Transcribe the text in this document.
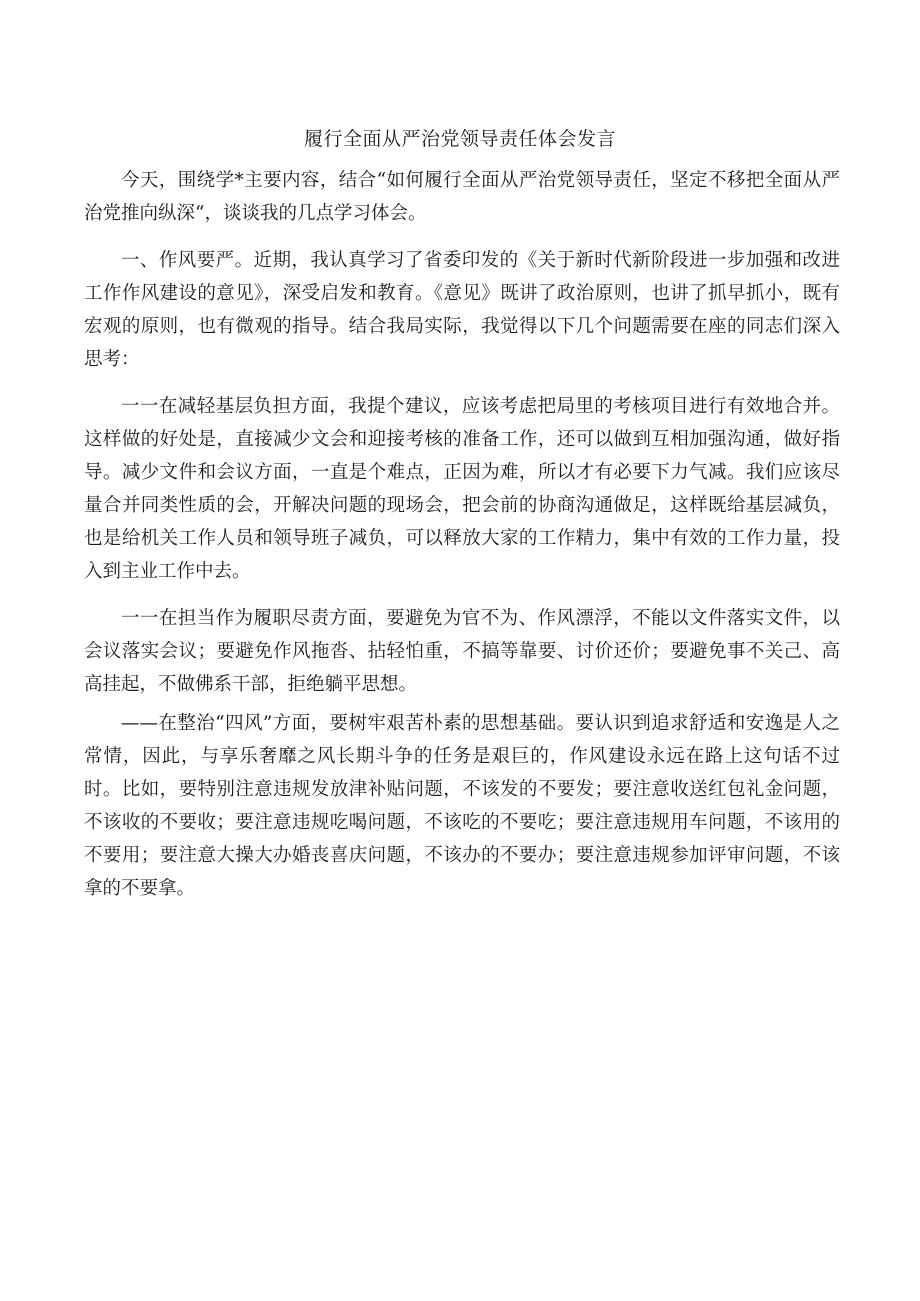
履行全面从严治党领导责任体会发言

今天，围绕学*主要内容，结合“如何履行全面从严治党领导责任，坚定不移把全面从严治党推向纵深“，谈谈我的几点学习体会。

一、作风要严。近期，我认真学习了省委印发的《关于新时代新阶段进一步加强和改进工作作风建设的意见》，深受启发和教育。《意见》既讲了政治原则，也讲了抓早抓小，既有宏观的原则，也有微观的指导。结合我局实际，我觉得以下几个问题需要在座的同志们深入思考：

一一在减轻基层负担方面，我提个建议，应该考虑把局里的考核项目进行有效地合并。这样做的好处是，直接减少文会和迎接考核的准备工作，还可以做到互相加强沟通，做好指导。减少文件和会议方面，一直是个难点，正因为难，所以才有必要下力气减。我们应该尽量合并同类性质的会，开解决问题的现场会，把会前的协商沟通做足，这样既给基层减负，也是给机关工作人员和领导班子减负，可以释放大家的工作精力，集中有效的工作力量，投入到主业工作中去。

一一在担当作为履职尽责方面，要避免为官不为、作风漂浮，不能以文件落实文件，以会议落实会议；要避免作风拖沓、拈轻怕重，不搞等靠要、讨价还价；要避免事不关己、高高挂起，不做佛系干部，拒绝躺平思想。

——在整治“四风”方面，要树牢艰苦朴素的思想基础。要认识到追求舒适和安逸是人之常情，因此，与享乐奢靡之风长期斗争的任务是艰巨的，作风建设永远在路上这句话不过时。比如，要特别注意违规发放津补贴问题，不该发的不要发；要注意收送红包礼金问题，不该收的不要收；要注意违规吃喝问题，不该吃的不要吃；要注意违规用车问题，不该用的不要用；要注意大操大办婚丧喜庆问题，不该办的不要办；要注意违规参加评审问题，不该拿的不要拿。
